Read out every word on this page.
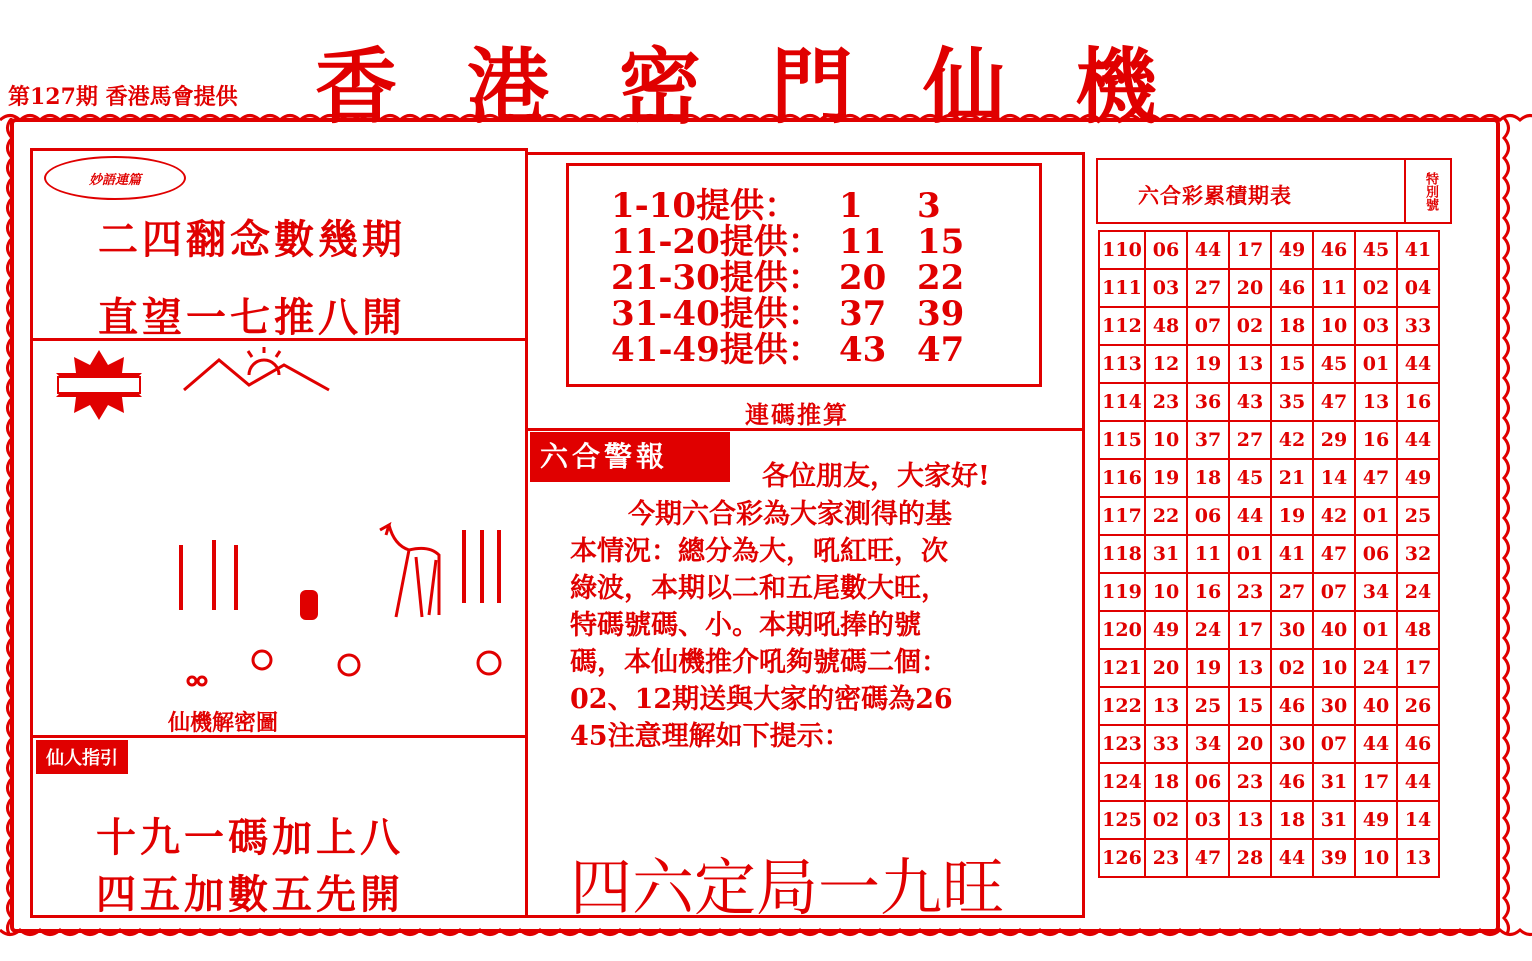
第127期 香港馬會提供 香港密門仙機
妙語連篇
二四翻念數幾期
直望一七推八開
仙機解密圖
仙人指引
十九一碼加上八
四五加數五先開
1-10提供：	1	3
11-20提供： 11 15
21-30提供： 20 22
31-40提供： 37 39
41-49提供： 43 47
連碼推算
六合警報
各位朋友，大家好!
今期六合彩為大家測得的基
本情況：總分為大，吼紅旺，次
綠波，本期以二和五尾數大旺，
特碼號碼、小。本期吼捧的號
碼，本仙機推介吼夠號碼二個：
02、12期送與大家的密碼為26
45注意理解如下提示：
四六定局一九旺
六合彩累積期表	特別號
110	06	44	17	49	46	45	41
111	03	27	20	46	11	02	04
112	48	07	02	18	10	03	33
113	12	19	13	15	45	01	44
114	23	36	43	35	47	13	16
115	10	37	27	42	29	16	44
116	19	18	45	21	14	47	49
117	22	06	44	19	42	01	25
118	31	11	01	41	47	06	32
119	10	16	23	27	07	34	24
120	49	24	17	30	40	01	48
121	20	19	13	02	10	24	17
122	13	25	15	46	30	40	26
123	33	34	20	30	07	44	46
124	18	06	23	46	31	17	44
125	02	03	13	18	31	49	14
126	23	47	28	44	39	10	13
